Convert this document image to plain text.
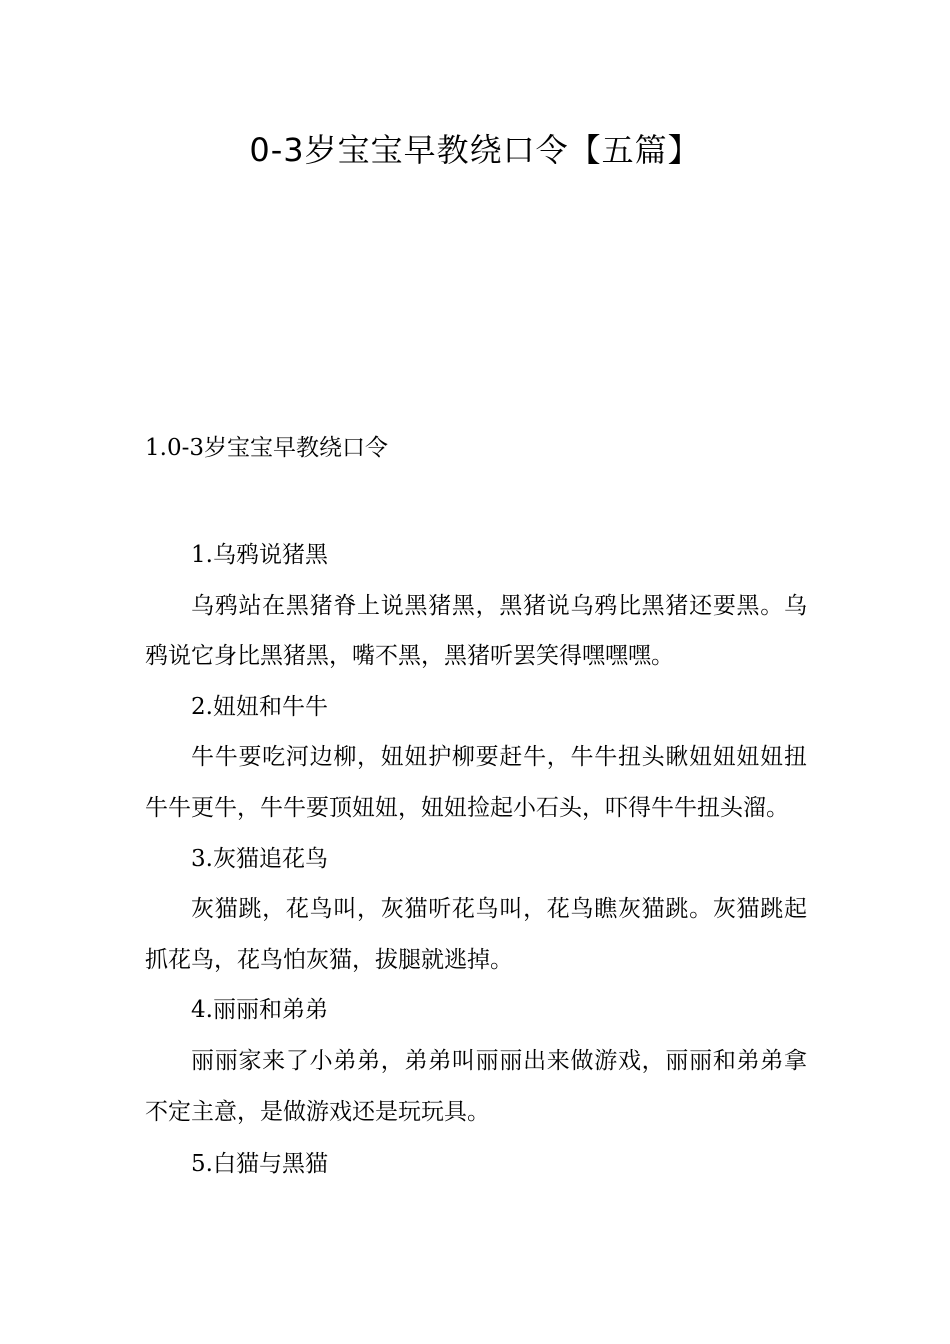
0-3岁宝宝早教绕口令【五篇】
1.0-3岁宝宝早教绕口令

1.乌鸦说猪黑

乌鸦站在黑猪脊上说黑猪黑，黑猪说乌鸦比黑猪还要黑。乌鸦说它身比黑猪黑，嘴不黑，黑猪听罢笑得嘿嘿嘿。

2.妞妞和牛牛

牛牛要吃河边柳，妞妞护柳要赶牛，牛牛扭头瞅妞妞妞妞扭牛牛更牛，牛牛要顶妞妞，妞妞捡起小石头，吓得牛牛扭头溜。

3.灰猫追花鸟

灰猫跳，花鸟叫，灰猫听花鸟叫，花鸟瞧灰猫跳。灰猫跳起抓花鸟，花鸟怕灰猫，拔腿就逃掉。

4.丽丽和弟弟

丽丽家来了小弟弟，弟弟叫丽丽出来做游戏，丽丽和弟弟拿不定主意，是做游戏还是玩玩具。

5.白猫与黑猫
